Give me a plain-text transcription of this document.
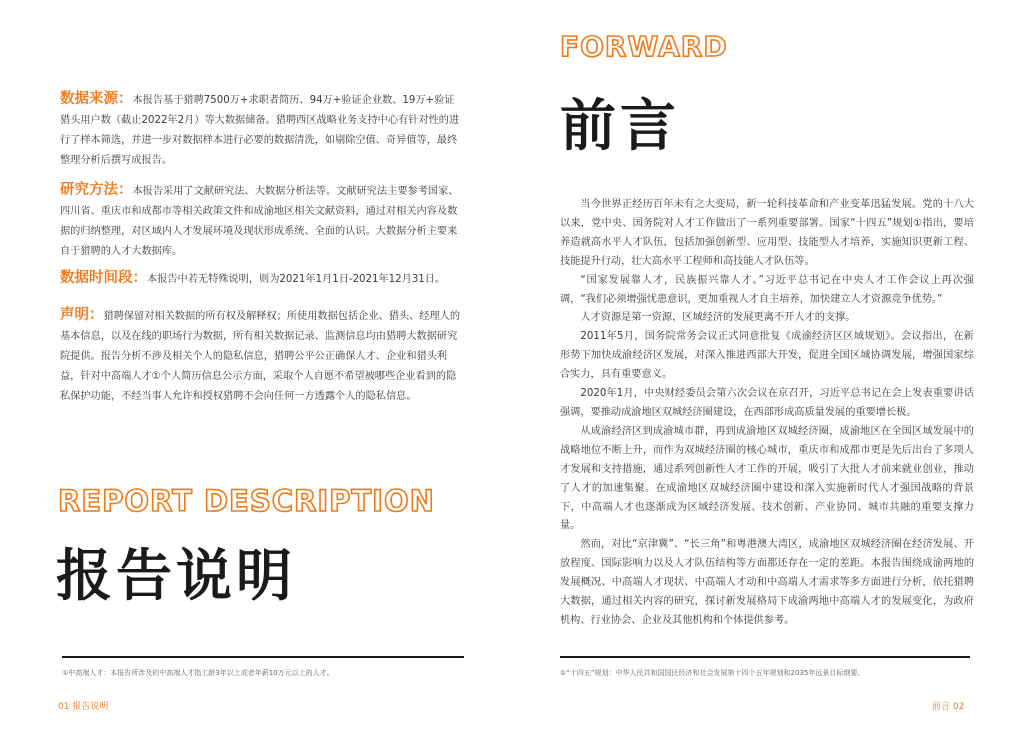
数据来源：本报告基于猎聘7500万+求职者简历、94万+验证企业数、19万+验证猎头用户数（截止2022年2月）等大数据储备。猎聘西区战略业务支持中心有针对性的进行了样本筛选，并进一步对数据样本进行必要的数据清洗，如剔除空值、奇异值等，最终整理分析后撰写成报告。
研究方法：本报告采用了文献研究法、大数据分析法等。文献研究法主要参考国家、四川省、重庆市和成都市等相关政策文件和成渝地区相关文献资料，通过对相关内容及数据的归纳整理，对区域内人才发展环境及现状形成系统、全面的认识。大数据分析主要来自于猎聘的人才大数据库。
数据时间段：本报告中若无特殊说明，则为2021年1月1日-2021年12月31日。
声明：猎聘保留对相关数据的所有权及解释权；所使用数据包括企业、猎头、经理人的基本信息，以及在线的职场行为数据，所有相关数据记录、监测信息均由猎聘大数据研究院提供。报告分析不涉及相关个人的隐私信息，猎聘公平公正确保人才、企业和猎头利益，针对中高端人才①个人简历信息公示方面，采取个人自愿不希望被哪些企业看到的隐私保护功能，不经当事人允许和授权猎聘不会向任何一方透露个人的隐私信息。
REPORT DESCRIPTION
报告说明
①中高端人才：本报告所涉及的中高端人才指工龄3年以上或者年薪10万元以上的人才。
01 报告说明
FORWARD
前言

当今世界正经历百年未有之大变局，新一轮科技革命和产业变革迅猛发展。党的十八大以来，党中央、国务院对人才工作做出了一系列重要部署。国家“十四五”规划①指出，要培养造就高水平人才队伍，包括加强创新型、应用型、技能型人才培养，实施知识更新工程、技能提升行动，壮大高水平工程师和高技能人才队伍等。

“国家发展靠人才，民族振兴靠人才。”习近平总书记在中央人才工作会议上再次强调，“我们必须增强忧患意识，更加重视人才自主培养，加快建立人才资源竞争优势。”

人才资源是第一资源，区域经济的发展更离不开人才的支撑。

2011年5月，国务院常务会议正式同意批复《成渝经济区区域规划》。会议指出，在新形势下加快成渝经济区发展，对深入推进西部大开发，促进全国区域协调发展，增强国家综合实力，具有重要意义。

2020年1月，中央财经委员会第六次会议在京召开，习近平总书记在会上发表重要讲话强调，要推动成渝地区双城经济圈建设，在西部形成高质量发展的重要增长极。

从成渝经济区到成渝城市群，再到成渝地区双城经济圈，成渝地区在全国区域发展中的战略地位不断上升，而作为双城经济圈的核心城市，重庆市和成都市更是先后出台了多项人才发展和支持措施，通过系列创新性人才工作的开展，吸引了大批人才前来就业创业，推动了人才的加速集聚。在成渝地区双城经济圈中建设和深入实施新时代人才强国战略的背景下，中高端人才也逐渐成为区域经济发展、技术创新、产业协同、城市共融的重要支撑力量。

然而，对比“京津冀”、“长三角”和粤港澳大湾区，成渝地区双城经济圈在经济发展、开放程度、国际影响力以及人才队伍结构等方面都还存在一定的差距。本报告围绕成渝两地的发展概况、中高端人才现状、中高端人才动和中高端人才需求等多方面进行分析，依托猎聘大数据，通过相关内容的研究，探讨新发展格局下成渝两地中高端人才的发展变化，为政府机构、行业协会、企业及其他机构和个体提供参考。

①“十四五”规划：中华人民共和国国民经济和社会发展第十四个五年规划和2035年远景目标纲要。
前言 02
